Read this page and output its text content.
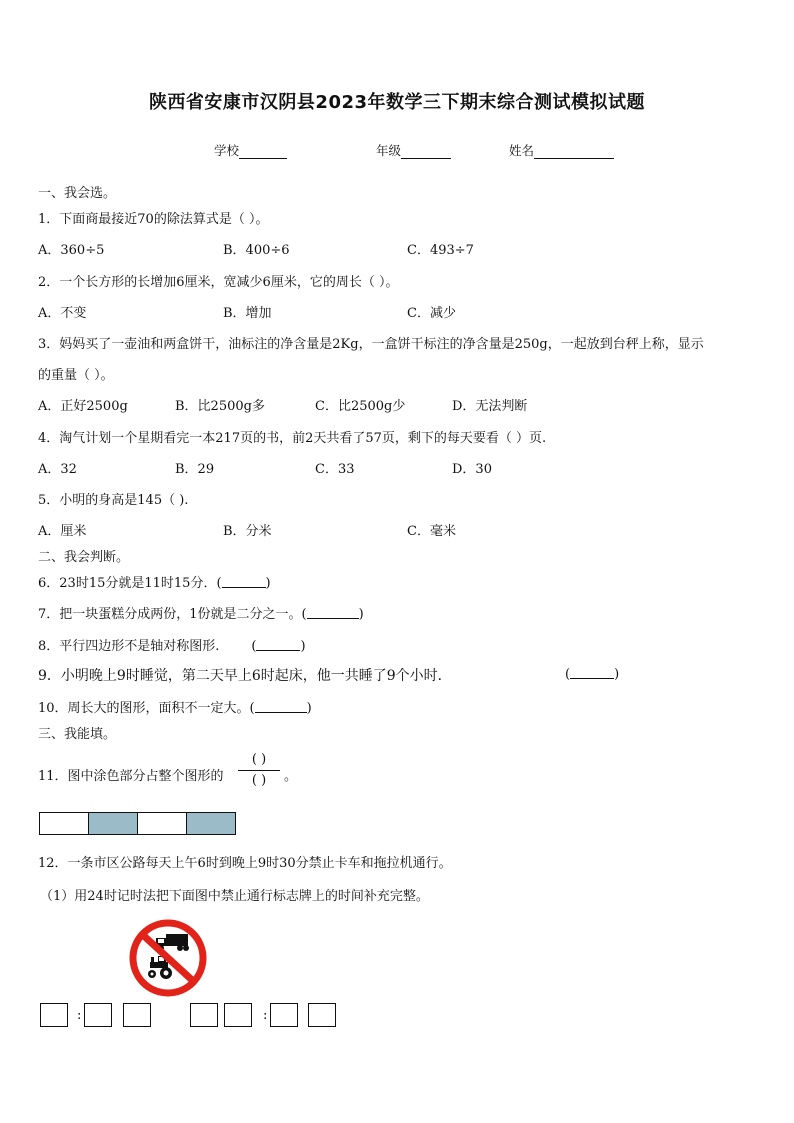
陕西省安康市汉阴县2023年数学三下期末综合测试模拟试题
学校	年级	姓名
一、我会选。
1．下面商最接近70的除法算式是（ ）。
A．360÷5	B．400÷6	C．493÷7
2．一个长方形的长增加6厘米，宽减少6厘米，它的周长（ ）。
A．不变	B．增加	C．减少
3．妈妈买了一壶油和两盒饼干，油标注的净含量是2Kg，一盒饼干标注的净含量是250g，一起放到台秤上称，显示
的重量（ ）。
A．正好2500g	B．比2500g多	C．比2500g少	D．无法判断
4．淘气计划一个星期看完一本217页的书，前2天共看了57页，剩下的每天要看（ ）页.
A．32	B．29	C．33	D．30
5．小明的身高是145（ ).
A．厘米	B．分米	C．毫米
二、我会判断。
6．23时15分就是11时15分．(	)
7．把一块蛋糕分成两份，1份就是二分之一。(	)
8．平行四边形不是轴对称图形. (	)
9．小明晚上9时睡觉，第二天早上6时起床，他一共睡了9个小时．	(	)
10．周长大的图形，面积不一定大。(	)
三、我能填。
11．图中涂色部分占整个图形的
( )
( )	。
12．一条市区公路每天上午6时到晚上9时30分禁止卡车和拖拉机通行。
（1）用24时记时法把下面图中禁止通行标志牌上的时间补充完整。
:	:
